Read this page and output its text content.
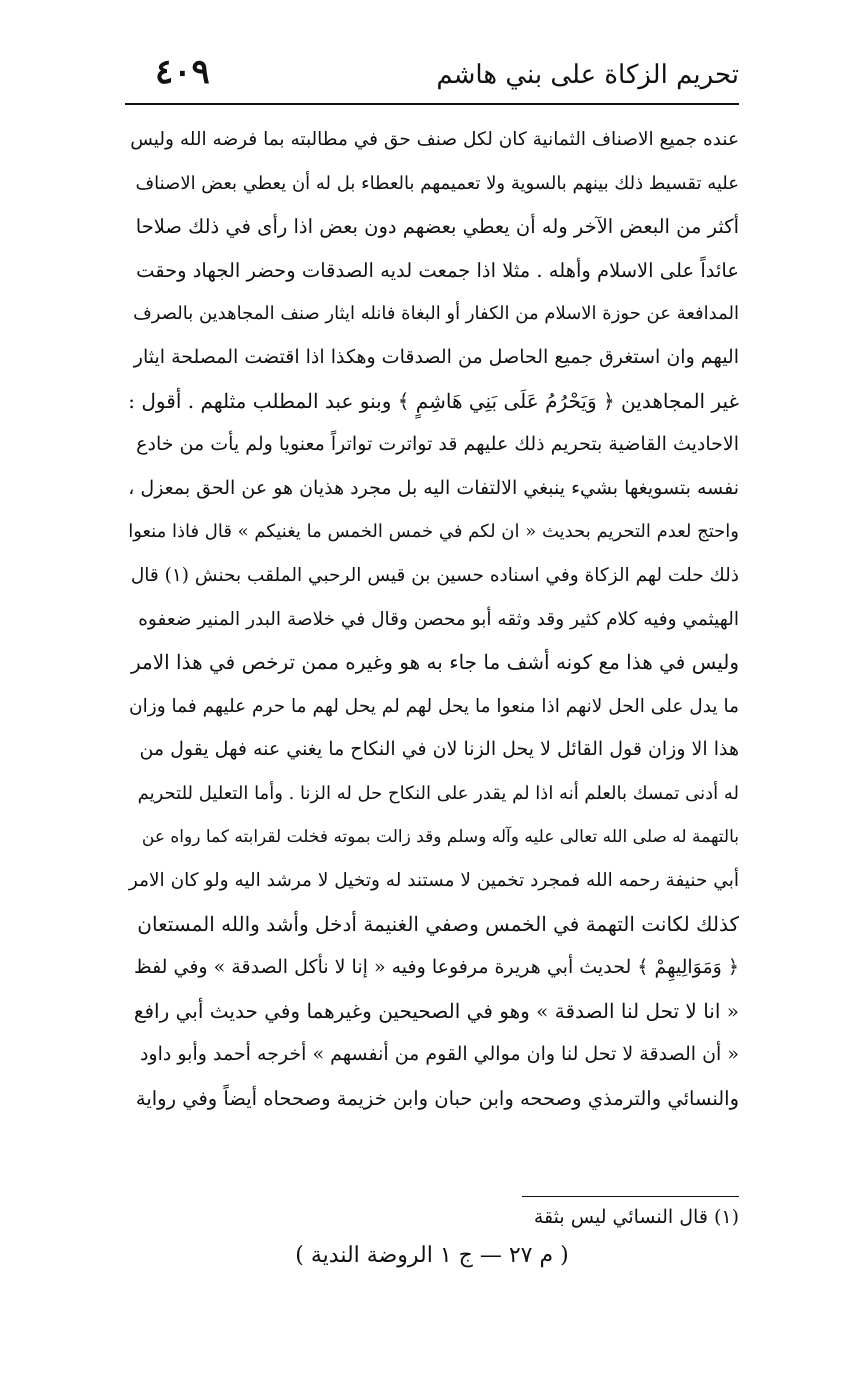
تحريم الزكاة على بني هاشم
٤٠٩
عنده جميع الاصناف الثمانية كان لكل صنف حق في مطالبته بما فرضه الله وليس
عليه تقسيط ذلك بينهم بالسوية ولا تعميمهم بالعطاء بل له أن يعطي بعض الاصناف
أكثر من البعض الآخر وله أن يعطي بعضهم دون بعض اذا رأى في ذلك صلاحا
عائداً على الاسلام وأهله . مثلا اذا جمعت لديه الصدقات وحضر الجهاد وحقت
المدافعة عن حوزة الاسلام من الكفار أو البغاة فانله ايثار صنف المجاهدين بالصرف
اليهم وان استغرق جميع الحاصل من الصدقات وهكذا اذا اقتضت المصلحة ايثار
غير المجاهدين ﴿ وَيَحْرُمُ عَلَى بَنِي هَاشِمٍ ﴾ وبنو عبد المطلب مثلهم . أقول :
الاحاديث القاضية بتحريم ذلك عليهم قد تواترت تواتراً معنويا ولم يأت من خادع
نفسه بتسويغها بشيء ينبغي الالتفات اليه بل مجرد هذيان هو عن الحق بمعزل ،
واحتج لعدم التحريم بحديث « ان لكم في خمس الخمس ما يغنيكم » قال فاذا منعوا
ذلك حلت لهم الزكاة وفي اسناده حسين بن قيس الرحبي الملقب بحنش (١) قال
الهيثمي وفيه كلام كثير وقد وثقه أبو محصن وقال في خلاصة البدر المنير ضعفوه
وليس في هذا مع كونه أشف ما جاء به هو وغيره ممن ترخص في هذا الامر
ما يدل على الحل لانهم اذا منعوا ما يحل لهم لم يحل لهم ما حرم عليهم فما وزان
هذا الا وزان قول القائل لا يحل الزنا لان في النكاح ما يغني عنه فهل يقول من
له أدنى تمسك بالعلم أنه اذا لم يقدر على النكاح حل له الزنا . وأما التعليل للتحريم
بالتهمة له صلى الله تعالى عليه وآله وسلم وقد زالت بموته فخلت لقرابته كما رواه عن
أبي حنيفة رحمه الله فمجرد تخمين لا مستند له وتخيل لا مرشد اليه ولو كان الامر
كذلك لكانت التهمة في الخمس وصفي الغنيمة أدخل وأشد والله المستعان
﴿ وَمَوَالِيهِمْ ﴾ لحديث أبي هريرة مرفوعا وفيه « إنا لا نأكل الصدقة » وفي لفظ
« انا لا تحل لنا الصدقة » وهو في الصحيحين وغيرهما وفي حديث أبي رافع
« أن الصدقة لا تحل لنا وان موالي القوم من أنفسهم » أخرجه أحمد وأبو داود
والنسائي والترمذي وصححه وابن حبان وابن خزيمة وصححاه أيضاً وفي رواية
(١) قال النسائي ليس بثقة
( م ٢٧ — ج ١ الروضة الندية )
